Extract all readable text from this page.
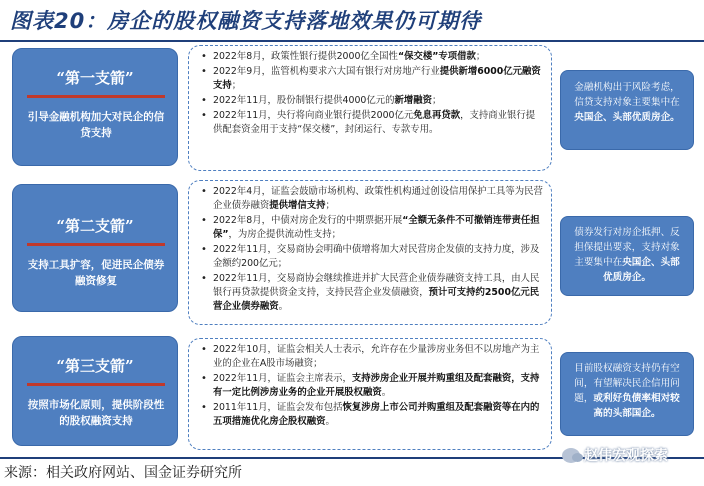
图表20：房企的股权融资支持落地效果仍可期待
“第一支箭”
引导金融机构加大对民企的信贷支持
• 2022年8月，政策性银行提供2000亿全国性“保交楼”专项借款；
• 2022年9月，监管机构要求六大国有银行对房地产行业提供新增6000亿元融资支持；
• 2022年11月，股份制银行提供4000亿元的新增融资；
• 2022年11月，央行将向商业银行提供2000亿元免息再贷款，支持商业银行提供配套资金用于支持“保交楼”，封闭运行、专款专用。
金融机构出于风险考虑，信贷支持对象主要集中在央国企、头部优质房企。
“第二支箭”
支持工具扩容，促进民企债券融资修复
• 2022年4月，证监会鼓励市场机构、政策性机构通过创设信用保护工具等为民营企业债券融资提供增信支持；
• 2022年8月，中债对房企发行的中期票据开展“全额无条件不可撤销连带责任担保”，为房企提供流动性支持；
• 2022年11月，交易商协会明确中债增将加大对民营房企发债的支持力度，涉及金额约200亿元；
• 2022年11月，交易商协会继续推进并扩大民营企业债券融资支持工具，由人民银行再贷款提供资金支持，支持民营企业发债融资，预计可支持约2500亿元民营企业债券融资。
债券发行对房企抵押、反担保提出要求，支持对象主要集中在央国企、头部优质房企。
“第三支箭”
按照市场化原则，提供阶段性的股权融资支持
• 2022年10月，证监会相关人士表示，允许存在少量涉房业务但不以房地产为主业的企业在A股市场融资；
• 2022年11月，证监会主席表示，支持涉房企业开展并购重组及配套融资，支持有一定比例涉房业务的企业开展股权融资。
• 2011年11月，证监会发布包括恢复涉房上市公司并购重组及配套融资等在内的五项措施优化房企股权融资。
目前股权融资支持仍有空间，有望解决民企信用问题，或利好负债率相对较高的头部国企。
来源：相关政府网站、国金证券研究所
赵伟宏观探索
